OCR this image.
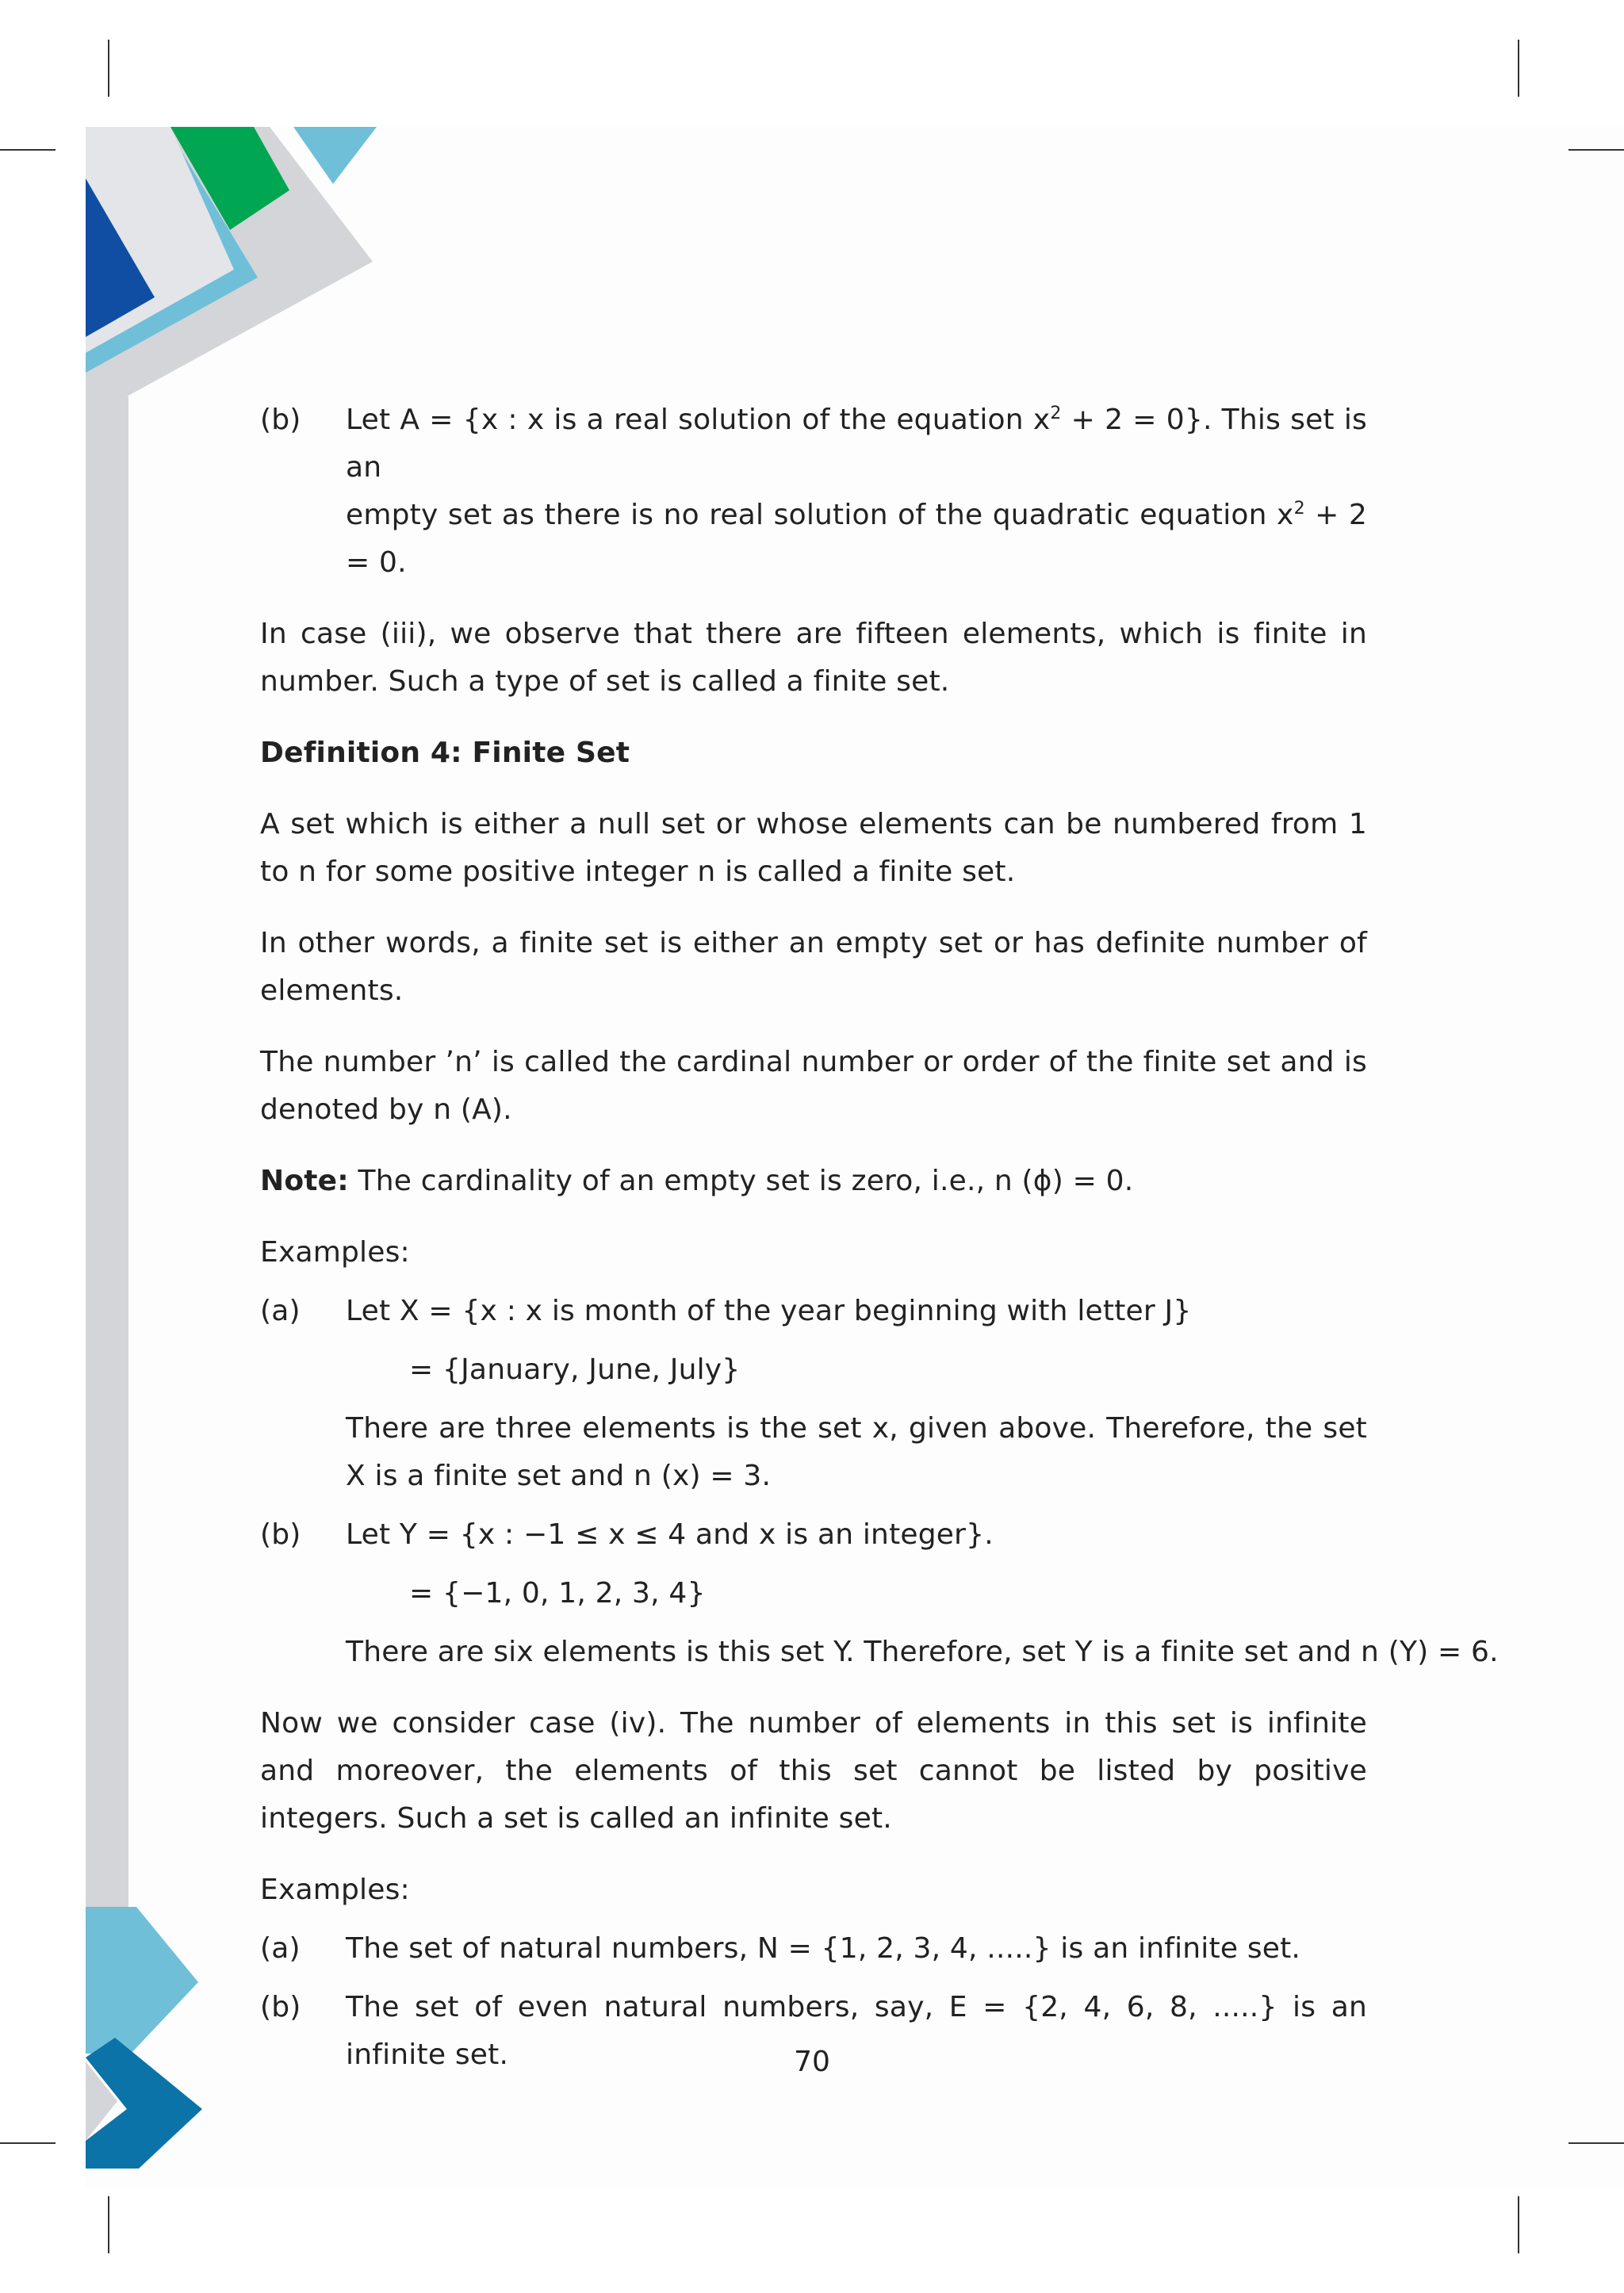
(b)	Let A = {x : x is a real solution of the equation $x^2 + 2 = 0$}. This set is an
empty set as there is no real solution of the quadratic equation $x^2 + 2 = 0$.

In case (iii), we observe that there are fifteen elements, which is finite in number. Such a type of set is called a finite set.

Definition 4: Finite Set

A set which is either a null set or whose elements can be numbered from 1 to n for some positive integer n is called a finite set.

In other words, a finite set is either an empty set or has definite number of elements.

The number ’n’ is called the cardinal number or order of the finite set and is denoted by n (A).

Note: The cardinality of an empty set is zero, i.e., n (ϕ) = 0.

Examples:

(a)	Let X = {x : x is month of the year beginning with letter J}
= {January, June, July}
There are three elements is the set x, given above. Therefore, the set X is a finite set and n (x) = 3.
(b)	Let Y = {x : −1 ≤ x ≤ 4 and x is an integer}.
= {−1, 0, 1, 2, 3, 4}
There are six elements is this set Y. Therefore, set Y is a finite set and n (Y) = 6.

Now we consider case (iv). The number of elements in this set is infinite and moreover, the elements of this set cannot be listed by positive integers. Such a set is called an infinite set.

Examples:

(a)	The set of natural numbers, N = {1, 2, 3, 4, .....} is an infinite set.
(b)	The set of even natural numbers, say, E = {2, 4, 6, 8, .....} is an infinite set.	70
